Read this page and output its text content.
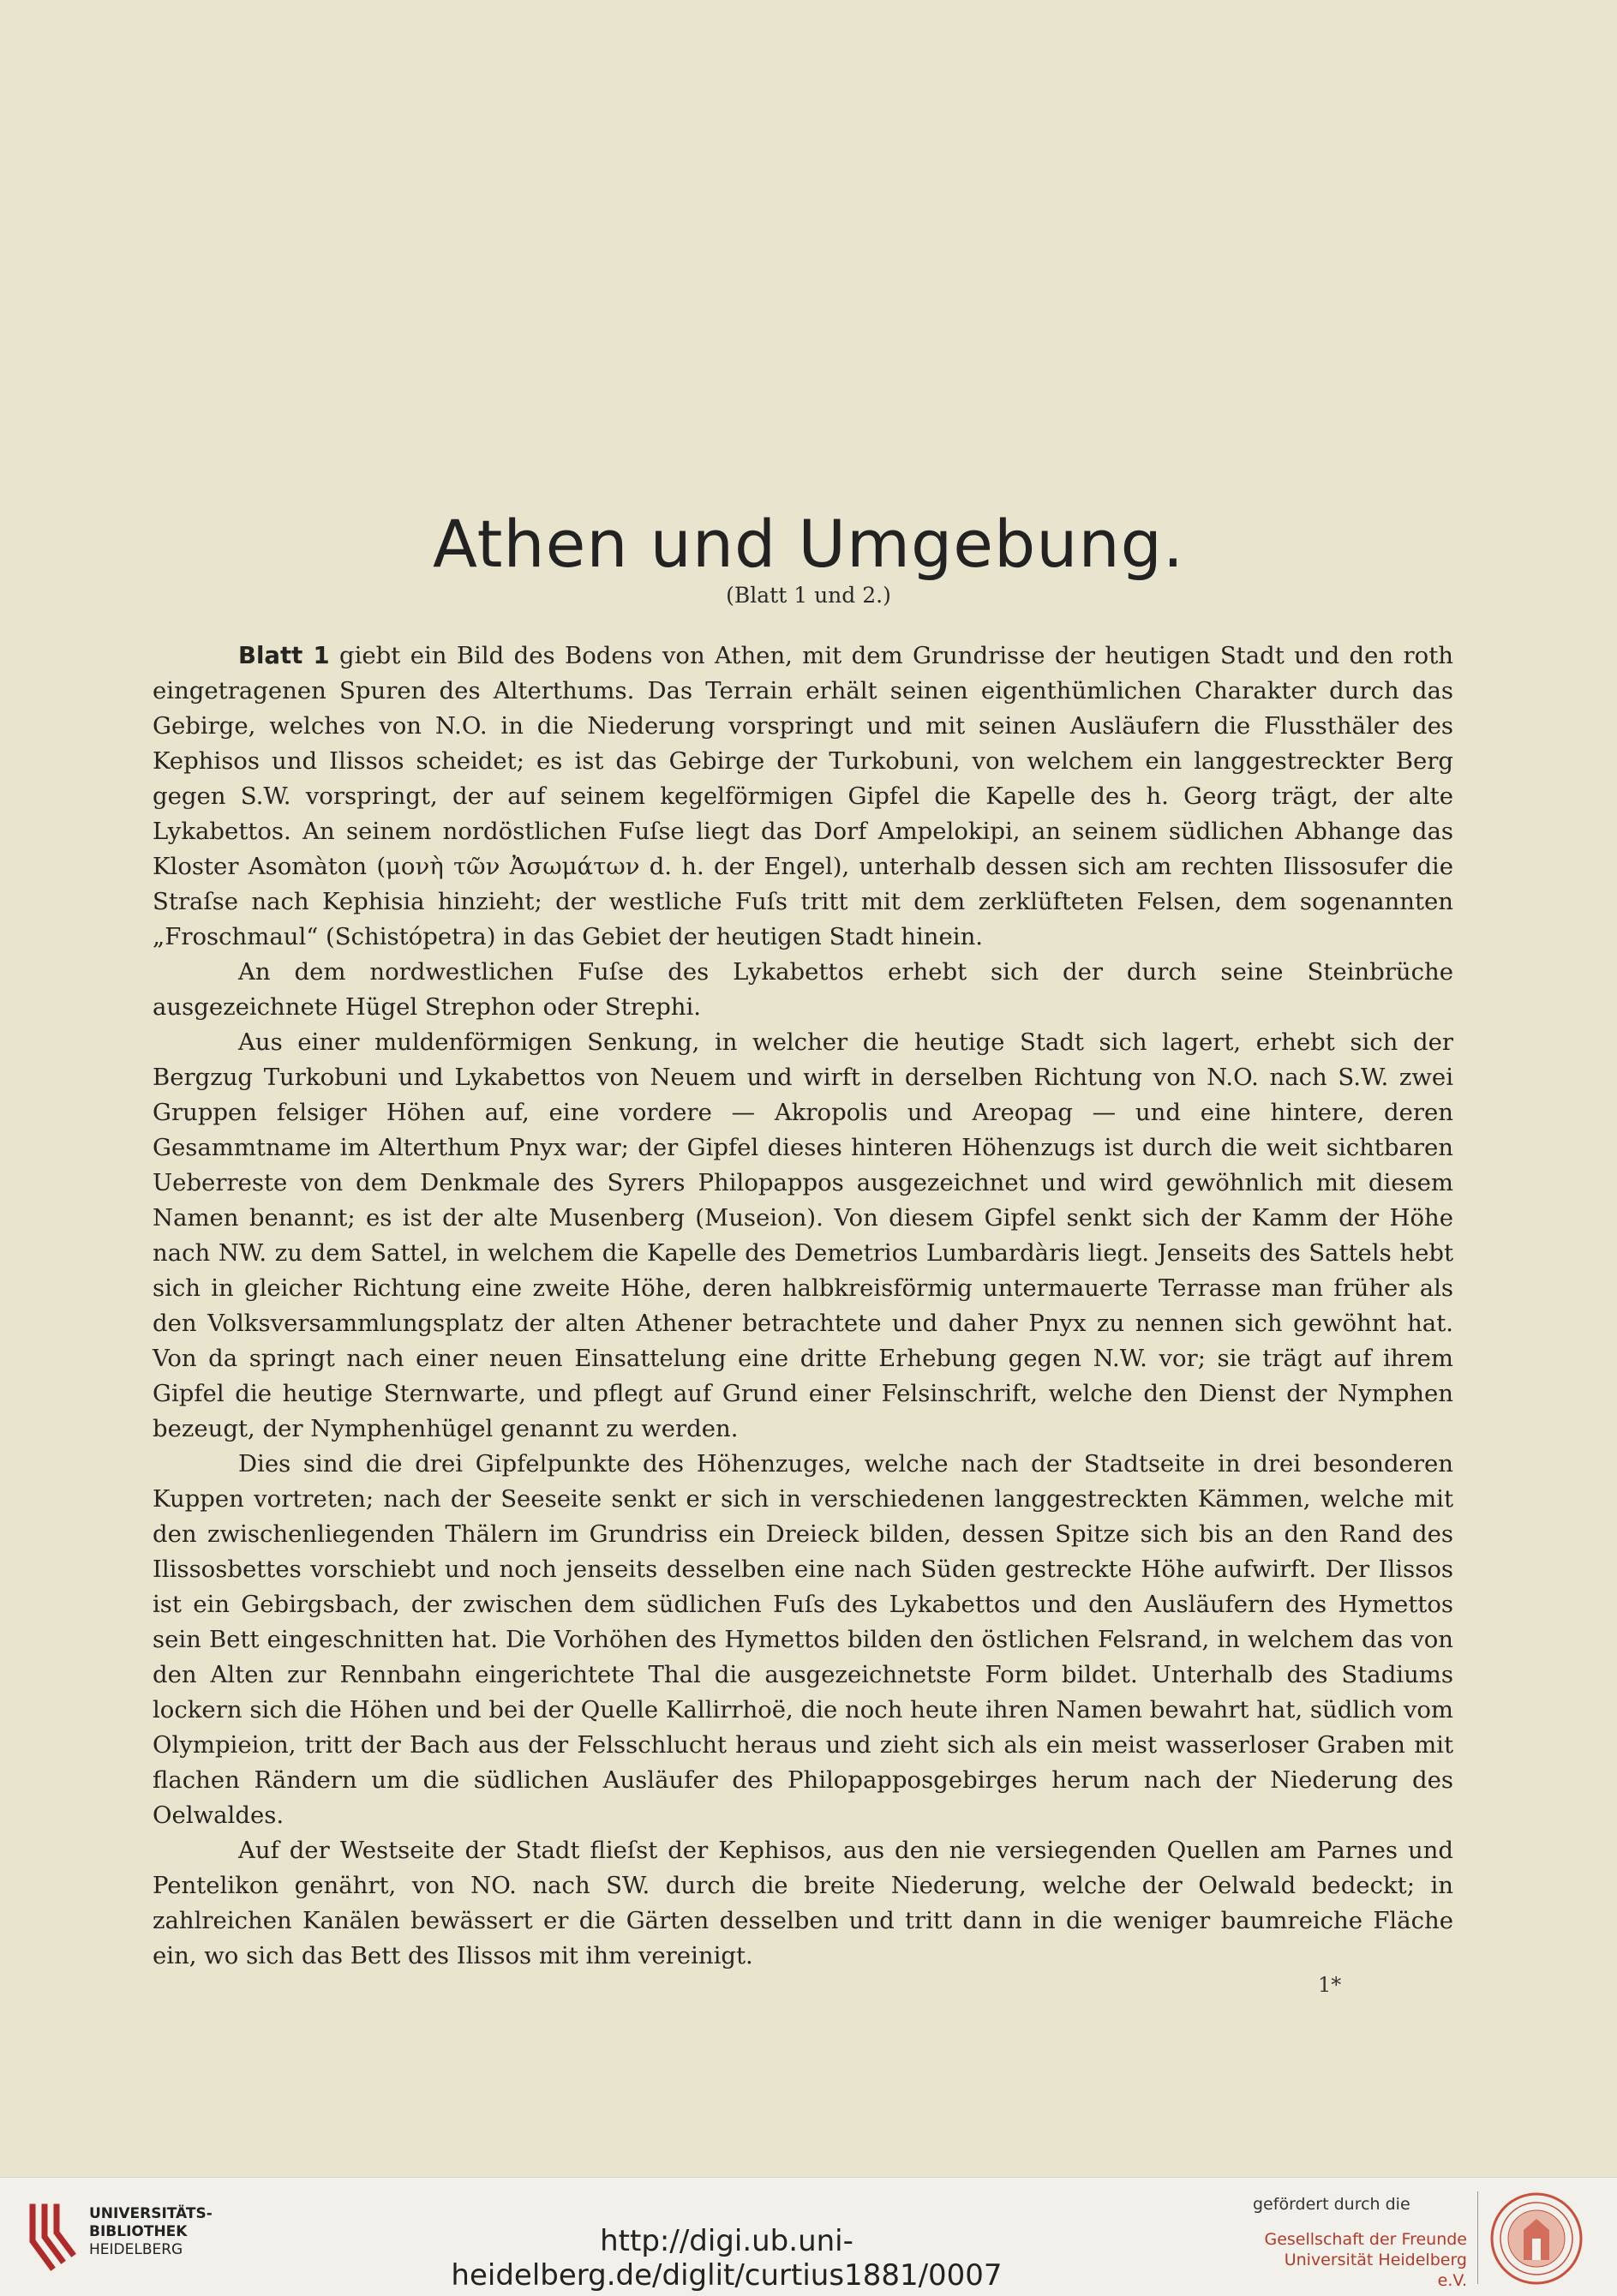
Athen und Umgebung.
(Blatt 1 und 2.)

Blatt 1 giebt ein Bild des Bodens von Athen, mit dem Grundrisse der heutigen Stadt und den roth eingetragenen Spuren des Alterthums. Das Terrain erhält seinen eigenthümlichen Charakter durch das Gebirge, welches von N.O. in die Niederung vorspringt und mit seinen Ausläufern die Flussthäler des Kephisos und Ilissos scheidet; es ist das Gebirge der Turkobuni, von welchem ein langgestreckter Berg gegen S.W. vorspringt, der auf seinem kegelförmigen Gipfel die Kapelle des h. Georg trägt, der alte Lykabettos. An seinem nordöstlichen Fuſse liegt das Dorf Ampelokipi, an seinem südlichen Abhange das Kloster Asomàton (μονὴ τῶν Ἀσωμάτων d. h. der Engel), unterhalb dessen sich am rechten Ilissosufer die Straſse nach Kephisia hinzieht; der westliche Fuſs tritt mit dem zerklüfteten Felsen, dem sogenannten „Froschmaul“ (Schistópetra) in das Gebiet der heutigen Stadt hinein.

An dem nordwestlichen Fuſse des Lykabettos erhebt sich der durch seine Steinbrüche ausgezeichnete Hügel Strephon oder Strephi.

Aus einer muldenförmigen Senkung, in welcher die heutige Stadt sich lagert, erhebt sich der Bergzug Turkobuni und Lykabettos von Neuem und wirft in derselben Richtung von N.O. nach S.W. zwei Gruppen felsiger Höhen auf, eine vordere — Akropolis und Areopag — und eine hintere, deren Gesammtname im Alterthum Pnyx war; der Gipfel dieses hinteren Höhenzugs ist durch die weit sichtbaren Ueberreste von dem Denkmale des Syrers Philopappos ausgezeichnet und wird gewöhnlich mit diesem Namen benannt; es ist der alte Musenberg (Museion). Von diesem Gipfel senkt sich der Kamm der Höhe nach NW. zu dem Sattel, in welchem die Kapelle des Demetrios Lumbardàris liegt. Jenseits des Sattels hebt sich in gleicher Richtung eine zweite Höhe, deren halbkreisförmig untermauerte Terrasse man früher als den Volksversammlungsplatz der alten Athener betrachtete und daher Pnyx zu nennen sich gewöhnt hat. Von da springt nach einer neuen Einsattelung eine dritte Erhebung gegen N.W. vor; sie trägt auf ihrem Gipfel die heutige Sternwarte, und pflegt auf Grund einer Felsinschrift, welche den Dienst der Nymphen bezeugt, der Nymphenhügel genannt zu werden.

Dies sind die drei Gipfelpunkte des Höhenzuges, welche nach der Stadtseite in drei besonderen Kuppen vortreten; nach der Seeseite senkt er sich in verschiedenen langgestreckten Kämmen, welche mit den zwischenliegenden Thälern im Grundriss ein Dreieck bilden, dessen Spitze sich bis an den Rand des Ilissosbettes vorschiebt und noch jenseits desselben eine nach Süden gestreckte Höhe aufwirft. Der Ilissos ist ein Gebirgsbach, der zwischen dem südlichen Fuſs des Lykabettos und den Ausläufern des Hymettos sein Bett eingeschnitten hat. Die Vorhöhen des Hymettos bilden den östlichen Felsrand, in welchem das von den Alten zur Rennbahn eingerichtete Thal die ausgezeichnetste Form bildet. Unterhalb des Stadiums lockern sich die Höhen und bei der Quelle Kallirrhoë, die noch heute ihren Namen bewahrt hat, südlich vom Olympieion, tritt der Bach aus der Felsschlucht heraus und zieht sich als ein meist wasserloser Graben mit flachen Rändern um die südlichen Ausläufer des Philopapposgebirges herum nach der Niederung des Oelwaldes.

Auf der Westseite der Stadt flieſst der Kephisos, aus den nie versiegenden Quellen am Parnes und Pentelikon genährt, von NO. nach SW. durch die breite Niederung, welche der Oelwald bedeckt; in zahlreichen Kanälen bewässert er die Gärten desselben und tritt dann in die weniger baumreiche Fläche ein, wo sich das Bett des Ilissos mit ihm vereinigt.

1*
UNIVERSITÄTS-
BIBLIOTHEK
HEIDELBERG	http://digi.ub.uni-heidelberg.de/diglit/curtius1881/0007
gefördert durch die
Gesellschaft der Freunde
Universität Heidelberg e.V.
